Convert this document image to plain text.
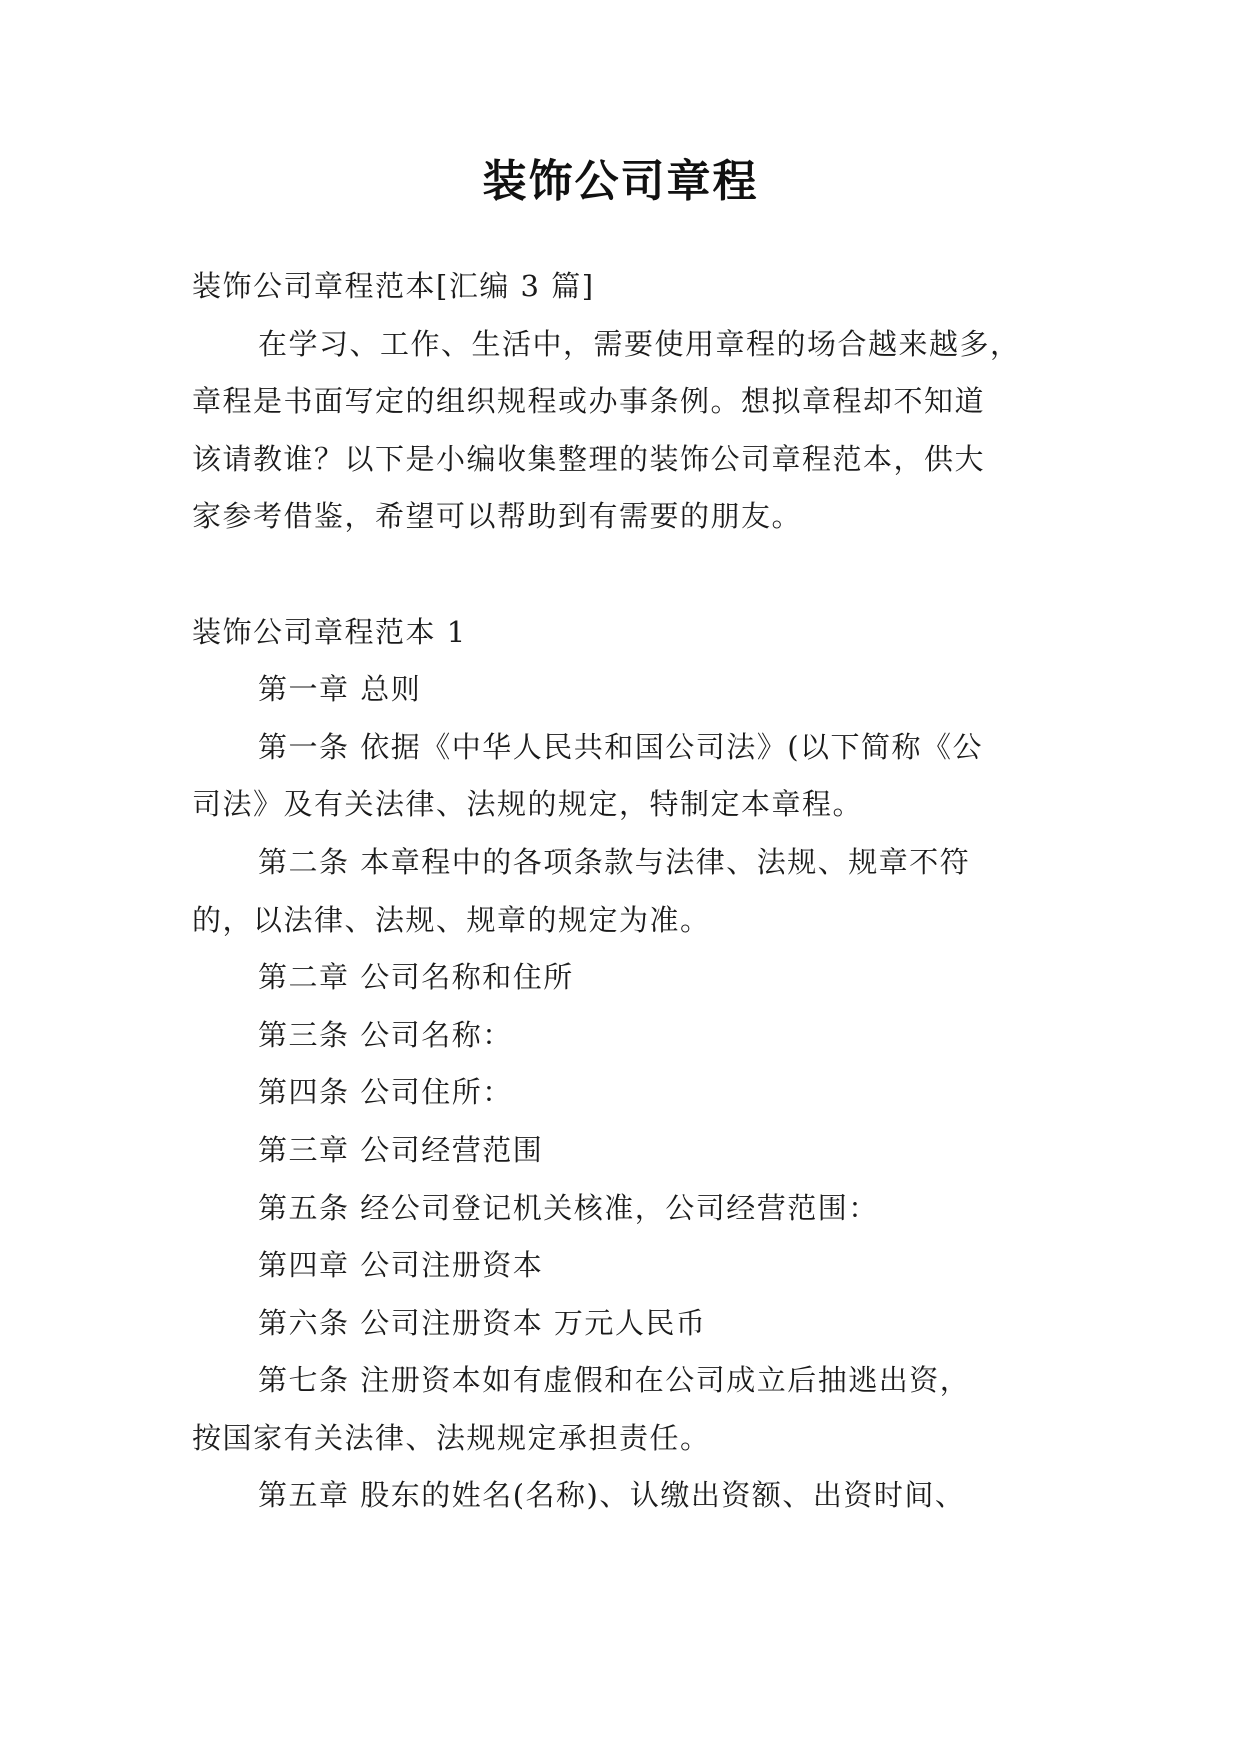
装饰公司章程
装饰公司章程范本[汇编 3 篇]
在学习、工作、生活中，需要使用章程的场合越来越多，
章程是书面写定的组织规程或办事条例。想拟章程却不知道
该请教谁？以下是小编收集整理的装饰公司章程范本，供大
家参考借鉴，希望可以帮助到有需要的朋友。
装饰公司章程范本 1
第一章 总则
第一条 依据《中华人民共和国公司法》(以下简称《公
司法》及有关法律、法规的规定，特制定本章程。
第二条 本章程中的各项条款与法律、法规、规章不符
的，以法律、法规、规章的规定为准。
第二章 公司名称和住所
第三条 公司名称：
第四条 公司住所：
第三章 公司经营范围
第五条 经公司登记机关核准，公司经营范围：
第四章 公司注册资本
第六条 公司注册资本 万元人民币
第七条 注册资本如有虚假和在公司成立后抽逃出资，
按国家有关法律、法规规定承担责任。
第五章 股东的姓名(名称)、认缴出资额、出资时间、
